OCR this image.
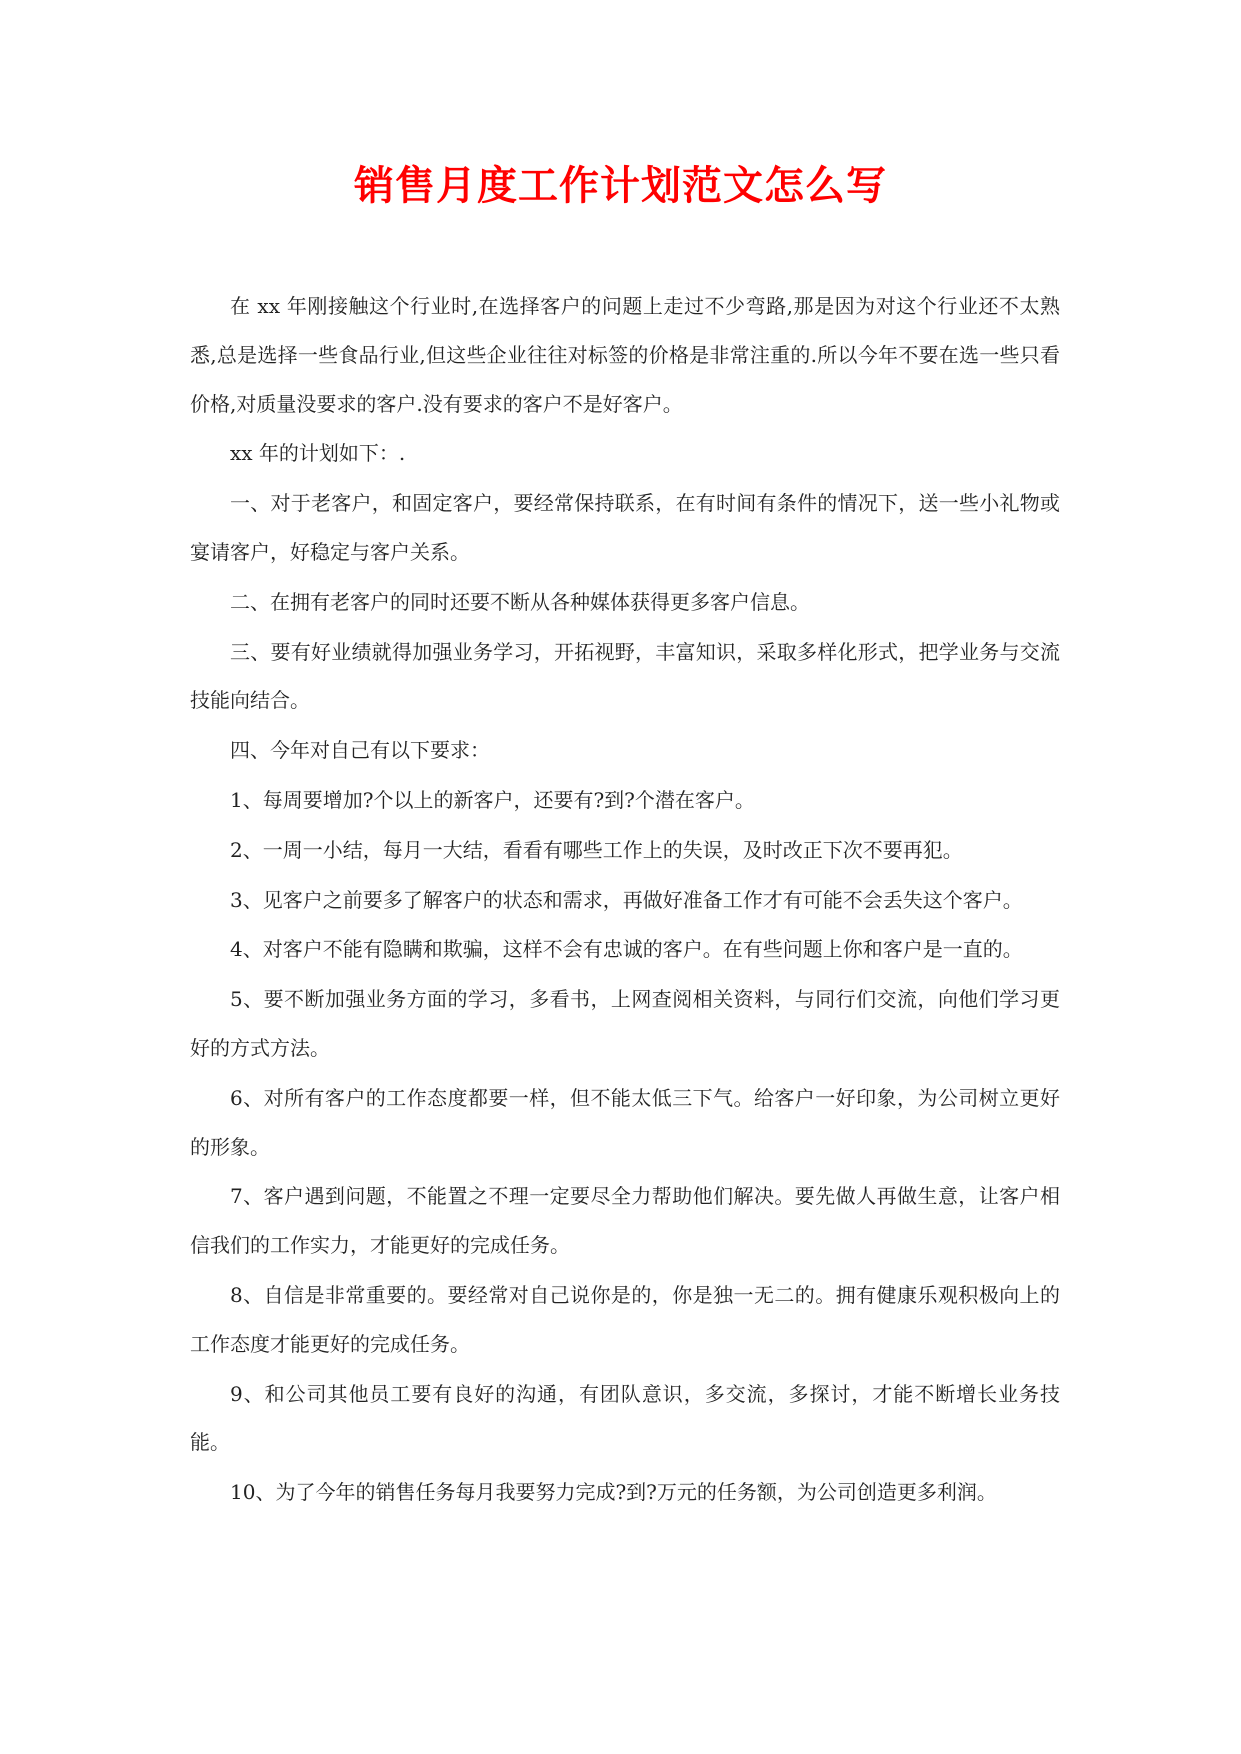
销售月度工作计划范文怎么写

在 xx 年刚接触这个行业时,在选择客户的问题上走过不少弯路,那是因为对这个行业还不太熟悉,总是选择一些食品行业,但这些企业往往对标签的价格是非常注重的.所以今年不要在选一些只看价格,对质量没要求的客户.没有要求的客户不是好客户。

xx 年的计划如下：.

一、对于老客户，和固定客户，要经常保持联系，在有时间有条件的情况下，送一些小礼物或宴请客户，好稳定与客户关系。

二、在拥有老客户的同时还要不断从各种媒体获得更多客户信息。

三、要有好业绩就得加强业务学习，开拓视野，丰富知识，采取多样化形式，把学业务与交流技能向结合。

四、今年对自己有以下要求：

1、每周要增加?个以上的新客户，还要有?到?个潜在客户。

2、一周一小结，每月一大结，看看有哪些工作上的失误，及时改正下次不要再犯。

3、见客户之前要多了解客户的状态和需求，再做好准备工作才有可能不会丢失这个客户。

4、对客户不能有隐瞒和欺骗，这样不会有忠诚的客户。在有些问题上你和客户是一直的。

5、要不断加强业务方面的学习，多看书，上网查阅相关资料，与同行们交流，向他们学习更好的方式方法。

6、对所有客户的工作态度都要一样，但不能太低三下气。给客户一好印象，为公司树立更好的形象。

7、客户遇到问题，不能置之不理一定要尽全力帮助他们解决。要先做人再做生意，让客户相信我们的工作实力，才能更好的完成任务。

8、自信是非常重要的。要经常对自己说你是的，你是独一无二的。拥有健康乐观积极向上的工作态度才能更好的完成任务。

9、和公司其他员工要有良好的沟通，有团队意识，多交流，多探讨，才能不断增长业务技能。

10、为了今年的销售任务每月我要努力完成?到?万元的任务额，为公司创造更多利润。
